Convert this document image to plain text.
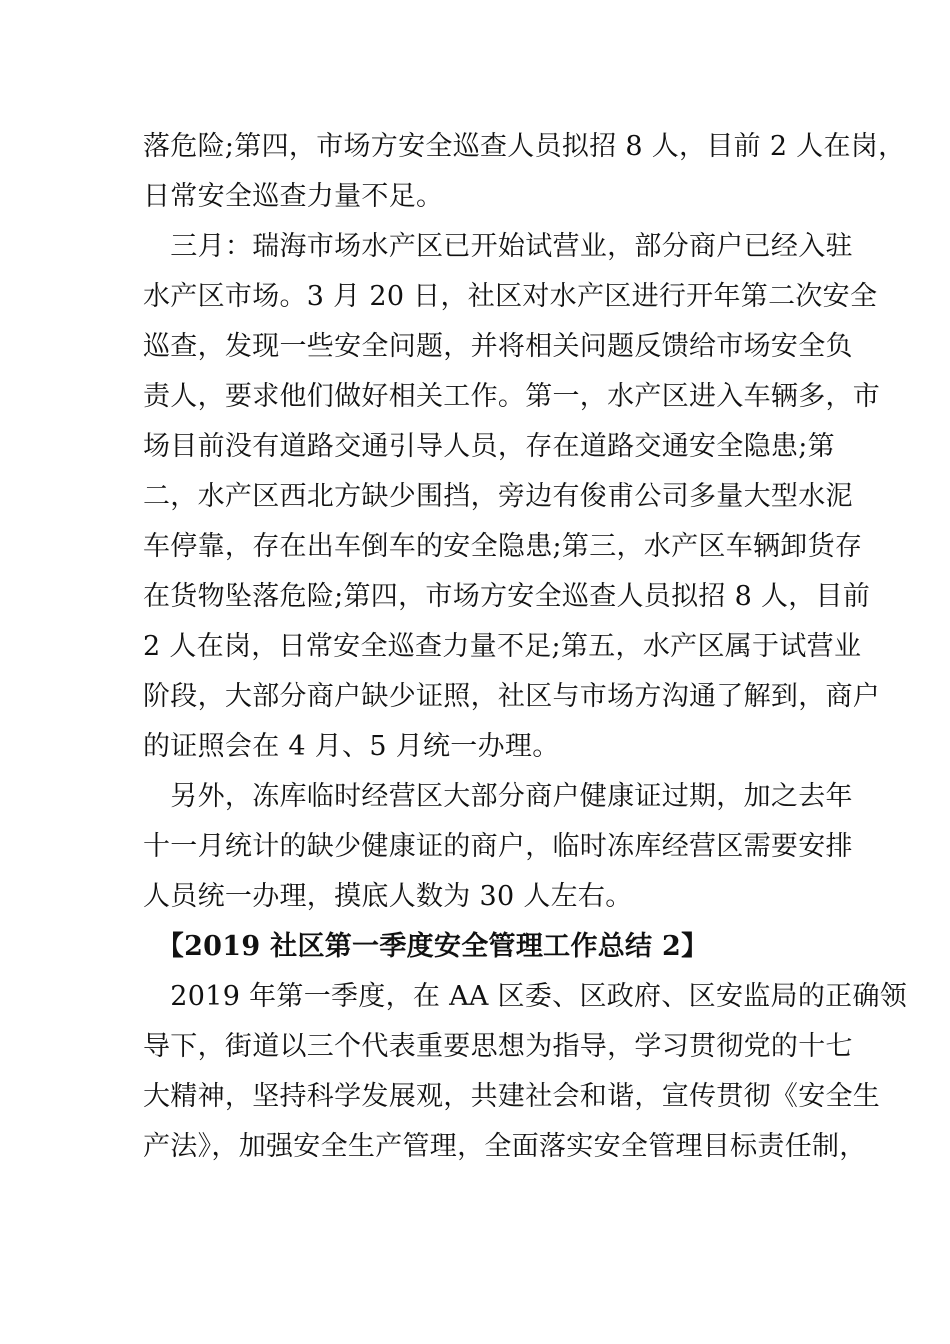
落危险;第四，市场方安全巡查人员拟招 8 人，目前 2 人在岗，
日常安全巡查力量不足。
　三月：瑞海市场水产区已开始试营业，部分商户已经入驻
水产区市场。3 月 20 日，社区对水产区进行开年第二次安全
巡查，发现一些安全问题，并将相关问题反馈给市场安全负
责人，要求他们做好相关工作。第一，水产区进入车辆多，市
场目前没有道路交通引导人员，存在道路交通安全隐患;第
二，水产区西北方缺少围挡，旁边有俊甫公司多量大型水泥
车停靠，存在出车倒车的安全隐患;第三，水产区车辆卸货存
在货物坠落危险;第四，市场方安全巡查人员拟招 8 人，目前
2 人在岗，日常安全巡查力量不足;第五，水产区属于试营业
阶段，大部分商户缺少证照，社区与市场方沟通了解到，商户
的证照会在 4 月、5 月统一办理。
　另外，冻库临时经营区大部分商户健康证过期，加之去年
十一月统计的缺少健康证的商户，临时冻库经营区需要安排
人员统一办理，摸底人数为 30 人左右。
　【2019 社区第一季度安全管理工作总结 2】
　2019 年第一季度，在 AA 区委、区政府、区安监局的正确领
导下，街道以三个代表重要思想为指导，学习贯彻党的十七
大精神，坚持科学发展观，共建社会和谐，宣传贯彻《安全生
产法》，加强安全生产管理，全面落实安全管理目标责任制，
